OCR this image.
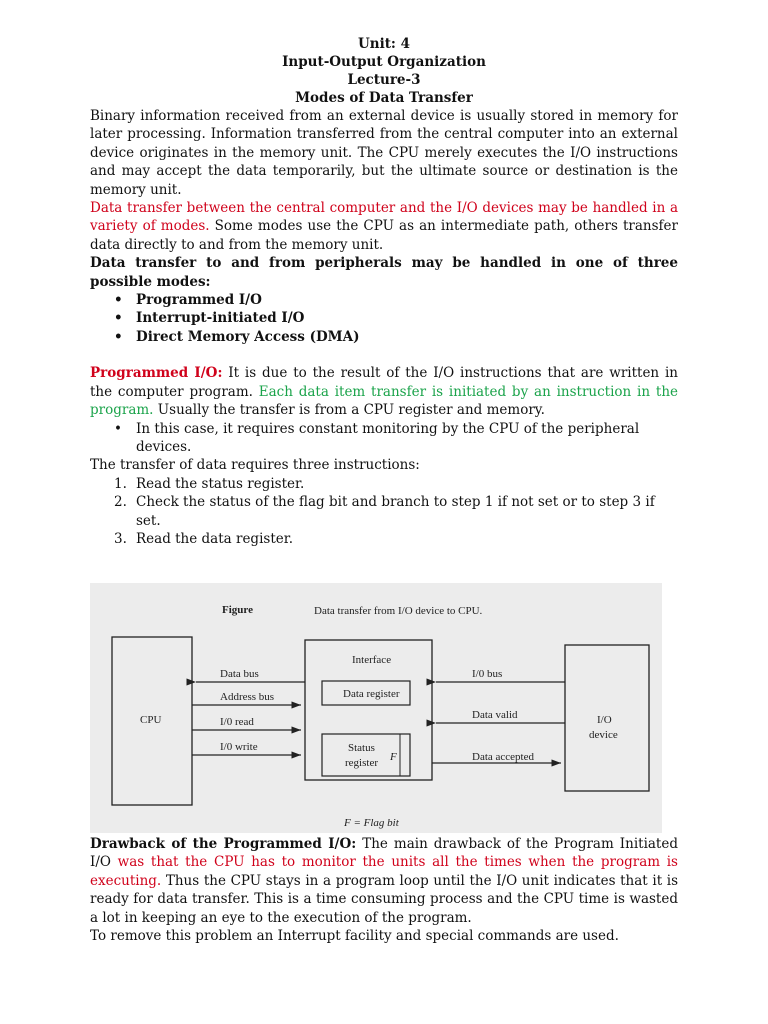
Unit: 4
Input-Output Organization
Lecture-3
Modes of Data Transfer

Binary information received from an external device is usually stored in memory for later processing. Information transferred from the central computer into an external device originates in the memory unit. The CPU merely executes the I/O instructions and may accept the data temporarily, but the ultimate source or destination is the memory unit.

Data transfer between the central computer and the I/O devices may be handled in a variety of modes. Some modes use the CPU as an intermediate path, others transfer data directly to and from the memory unit.

Data transfer to and from peripherals may be handled in one of three possible modes:

• Programmed I/O
• Interrupt-initiated I/O
• Direct Memory Access (DMA)

Programmed I/O: It is due to the result of the I/O instructions that are written in the computer program. Each data item transfer is initiated by an instruction in the program. Usually the transfer is from a CPU register and memory.

• In this case, it requires constant monitoring by the CPU of the peripheral devices.

The transfer of data requires three instructions:

1. Read the status register.
2. Check the status of the flag bit and branch to step 1 if not set or to step 3 if set.
3. Read the data register.
Figure	Data transfer from I/O device to CPU.
CPU
Interface
Data register
Status
register F
I/O
device
Data bus
Address bus
I/0 read
I/0 write
I/0 bus
Data valid
Data accepted
F = Flag bit

Drawback of the Programmed I/O: The main drawback of the Program Initiated I/O was that the CPU has to monitor the units all the times when the program is executing. Thus the CPU stays in a program loop until the I/O unit indicates that it is ready for data transfer. This is a time consuming process and the CPU time is wasted a lot in keeping an eye to the execution of the program.

To remove this problem an Interrupt facility and special commands are used.
